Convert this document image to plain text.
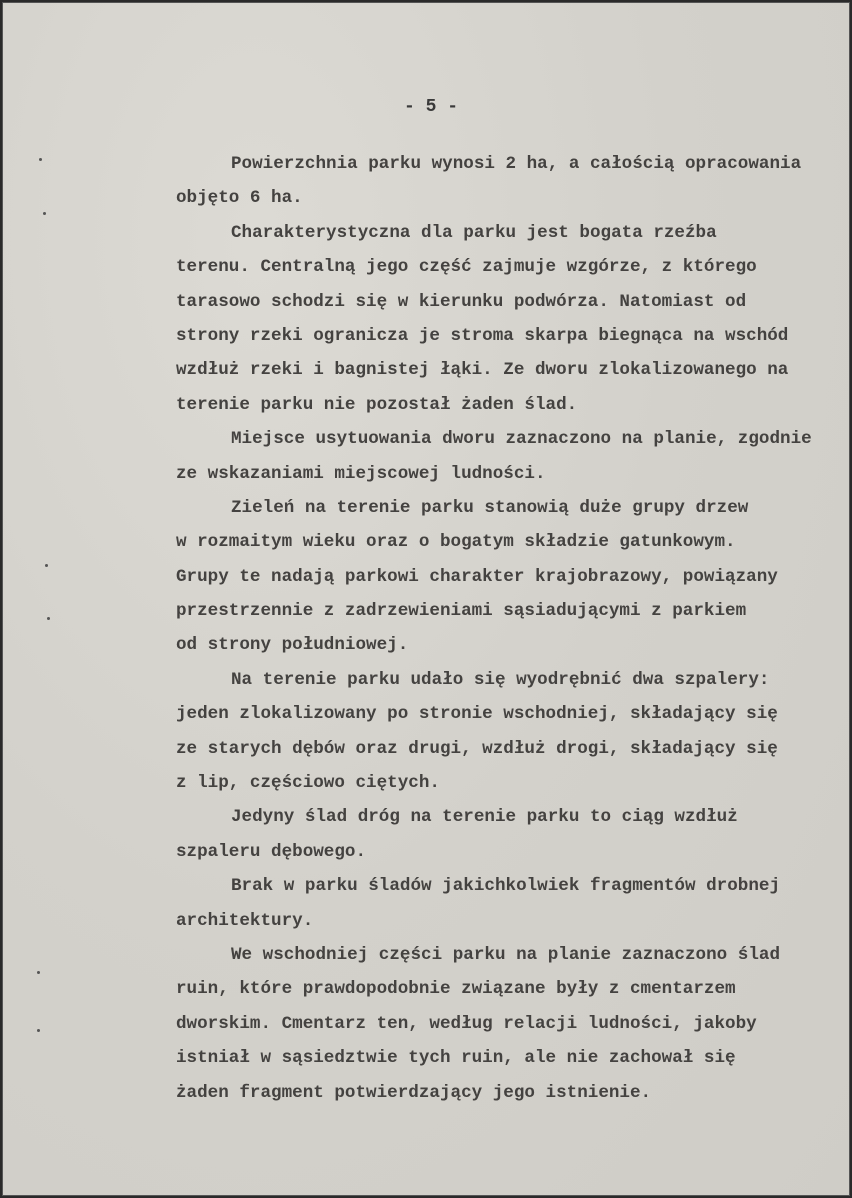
- 5 -
Powierzchnia parku wynosi 2 ha, a całością opracowania
objęto 6 ha.
Charakterystyczna dla parku jest bogata rzeźba
terenu. Centralną jego część zajmuje wzgórze, z którego
tarasowo schodzi się w kierunku podwórza. Natomiast od
strony rzeki ogranicza je stroma skarpa biegnąca na wschód
wzdłuż rzeki i bagnistej łąki. Ze dworu zlokalizowanego na
terenie parku nie pozostał żaden ślad.
Miejsce usytuowania dworu zaznaczono na planie, zgodnie
ze wskazaniami miejscowej ludności.
Zieleń na terenie parku stanowią duże grupy drzew
w rozmaitym wieku oraz o bogatym składzie gatunkowym.
Grupy te nadają parkowi charakter krajobrazowy, powiązany
przestrzennie z zadrzewieniami sąsiadującymi z parkiem
od strony południowej.
Na terenie parku udało się wyodrębnić dwa szpalery:
jeden zlokalizowany po stronie wschodniej, składający się
ze starych dębów oraz drugi, wzdłuż drogi, składający się
z lip, częściowo ciętych.
Jedyny ślad dróg na terenie parku to ciąg wzdłuż
szpaleru dębowego.
Brak w parku śladów jakichkolwiek fragmentów drobnej
architektury.
We wschodniej części parku na planie zaznaczono ślad
ruin, które prawdopodobnie związane były z cmentarzem
dworskim. Cmentarz ten, według relacji ludności, jakoby
istniał w sąsiedztwie tych ruin, ale nie zachował się
żaden fragment potwierdzający jego istnienie.
